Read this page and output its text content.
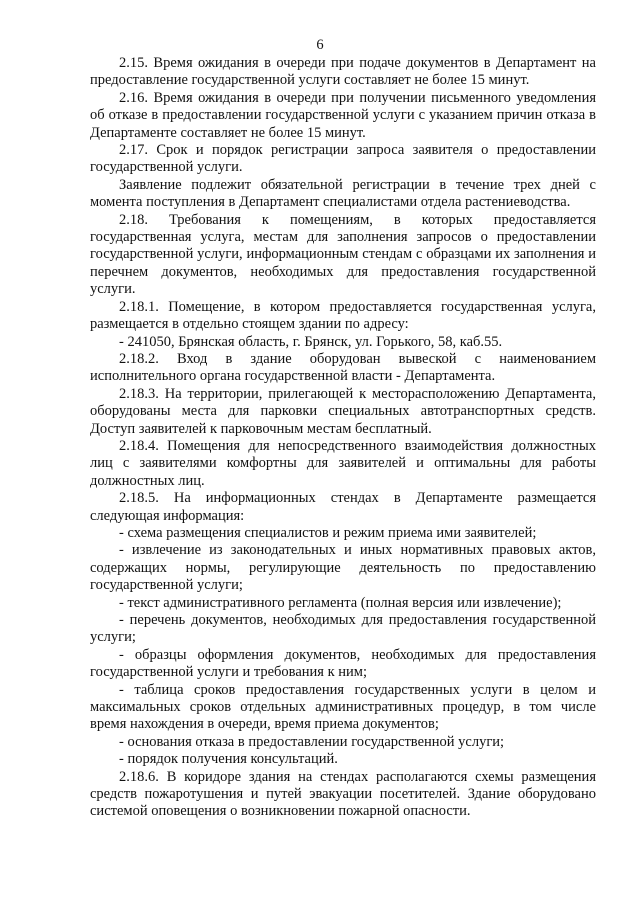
6

2.15. Время ожидания в очереди при подаче документов в Департамент на предоставление государственной услуги составляет не более 15 минут.

2.16. Время ожидания в очереди при получении письменного уведомления об отказе в предоставлении государственной услуги с указанием причин отказа в Департаменте составляет не более 15 минут.

2.17. Срок и порядок регистрации запроса заявителя о предоставлении государственной услуги.

Заявление подлежит обязательной регистрации в течение трех дней с момента поступления в Департамент специалистами отдела растениеводства.

2.18. Требования к помещениям, в которых предоставляется государственная услуга, местам для заполнения запросов о предоставлении государственной услуги, информационным стендам с образцами их заполнения и перечнем документов, необходимых для предоставления государственной услуги.

2.18.1. Помещение, в котором предоставляется государственная услуга, размещается в отдельно стоящем здании по адресу:

- 241050, Брянская область, г. Брянск, ул. Горького, 58, каб.55.

2.18.2. Вход в здание оборудован вывеской с наименованием исполнительного органа государственной власти - Департамента.

2.18.3. На территории, прилегающей к месторасположению Департамента, оборудованы места для парковки специальных автотранспортных средств. Доступ заявителей к парковочным местам бесплатный.

2.18.4. Помещения для непосредственного взаимодействия должностных лиц с заявителями комфортны для заявителей и оптимальны для работы должностных лиц.

2.18.5. На информационных стендах в Департаменте размещается следующая информация:

- схема размещения специалистов и режим приема ими заявителей;

- извлечение из законодательных и иных нормативных правовых актов, содержащих нормы, регулирующие деятельность по предоставлению государственной услуги;

- текст административного регламента (полная версия или извлечение);

- перечень документов, необходимых для предоставления государственной услуги;

- образцы оформления документов, необходимых для предоставления государственной услуги и требования к ним;

- таблица сроков предоставления государственных услуги в целом и максимальных сроков отдельных административных процедур, в том числе время нахождения в очереди, время приема документов;

- основания отказа в предоставлении государственной услуги;

- порядок получения консультаций.

2.18.6. В коридоре здания на стендах располагаются схемы размещения средств пожаротушения и путей эвакуации посетителей. Здание оборудовано системой оповещения о возникновении пожарной опасности.
